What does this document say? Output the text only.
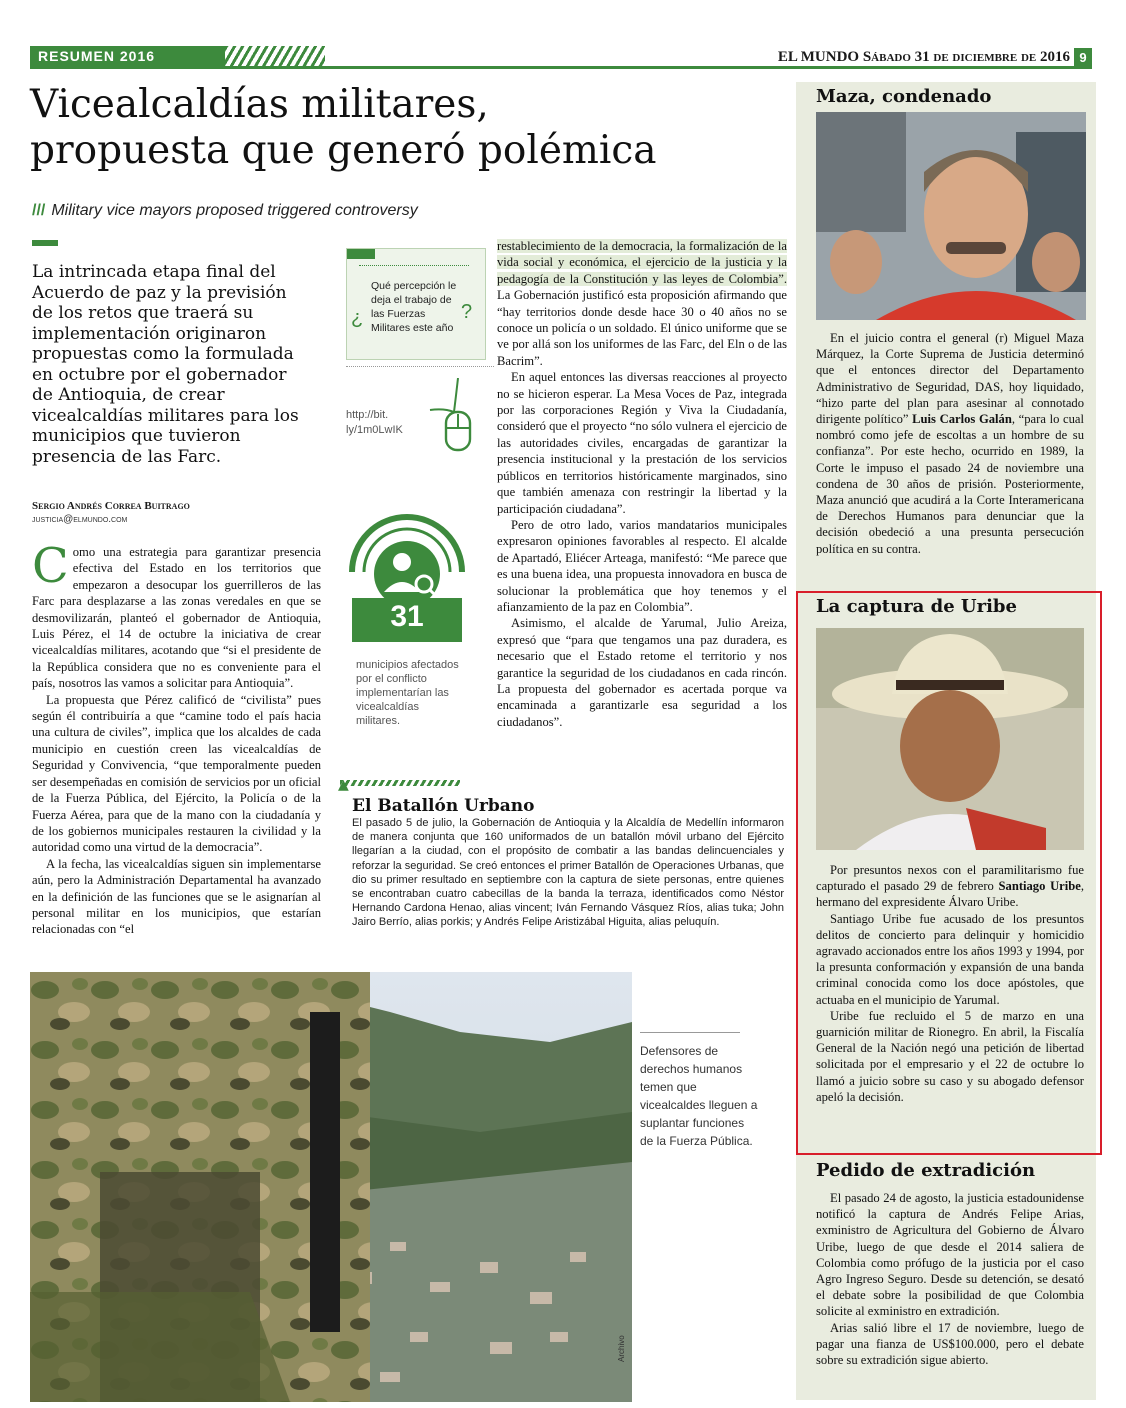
RESUMEN 2016	EL MUNDO Sábado 31 de diciembre de 2016 9
Vicealcaldías militares,
propuesta que generó polémica
/// Military vice mayors proposed triggered controversy
La intrincada etapa final del Acuerdo de paz y la previsión de los retos que traerá su implementación originaron propuestas como la formulada en octubre por el gobernador de Antioquia, de crear vicealcaldías militares para los municipios que tuvieron presencia de las Farc.
Sergio Andrés Correa Buitrago
justicia@elmundo.com

Como una estrategia para garantizar presencia efectiva del Estado en los territorios que empezaron a desocupar los guerrilleros de las Farc para desplazarse a las zonas veredales en que se desmovilizarán, planteó el gobernador de Antioquia, Luis Pérez, el 14 de octubre la iniciativa de crear vicealcaldías militares, acotando que “si el presidente de la República considera que no es conveniente para el país, nosotros las vamos a solicitar para Antioquia”.

La propuesta que Pérez calificó de “civilista” pues según él contribuiría a que “camine todo el país hacia una cultura de civiles”, implica que los alcaldes de cada municipio en cuestión creen las vicealcaldías de Seguridad y Convivencia, “que temporalmente pueden ser desempeñadas en comisión de servicios por un oficial de la Fuerza Pública, del Ejército, la Policía o de la Fuerza Aérea, para que de la mano con la ciudadanía y de los gobiernos municipales restauren la civilidad y la autoridad como una virtud de la democracia”.

A la fecha, las vicealcaldías siguen sin implementarse aún, pero la Administración Departamental ha avanzado en la definición de las funciones que se le asignarían al personal militar en los municipios, que estarían relacionadas con “el

¿
Qué percepción le deja el trabajo de las Fuerzas Militares este año
?
http://bit. ly/1m0LwIK
31
municipios afectados por el conflicto implementarían las vicealcaldías militares.

restablecimiento de la democracia, la formalización de la vida social y económica, el ejercicio de la justicia y la pedagogía de la Constitución y las leyes de Colombia”. La Gobernación justificó esta proposición afirmando que “hay territorios donde desde hace 30 o 40 años no se conoce un policía o un soldado. El único uniforme que se ve por allá son los uniformes de las Farc, del Eln o de las Bacrim”.

En aquel entonces las diversas reacciones al proyecto no se hicieron esperar. La Mesa Voces de Paz, integrada por las corporaciones Región y Viva la Ciudadanía, consideró que el proyecto “no sólo vulnera el ejercicio de las autoridades civiles, encargadas de garantizar la presencia institucional y la prestación de los servicios públicos en territorios históricamente marginados, sino que también amenaza con restringir la libertad y la participación ciudadana”.

Pero de otro lado, varios mandatarios municipales expresaron opiniones favorables al respecto. El alcalde de Apartadó, Eliécer Arteaga, manifestó: “Me parece que es una buena idea, una propuesta innovadora en busca de solucionar la problemática que hoy tenemos y el afianzamiento de la paz en Colombia”.

Asimismo, el alcalde de Yarumal, Julio Areiza, expresó que “para que tengamos una paz duradera, es necesario que el Estado retome el territorio y nos garantice la seguridad de los ciudadanos en cada rincón. La propuesta del gobernador es acertada porque va encaminada a garantizarle esa seguridad a los ciudadanos”.

▲
El Batallón Urbano
El pasado 5 de julio, la Gobernación de Antioquia y la Alcaldía de Medellín informaron de manera conjunta que 160 uniformados de un batallón móvil urbano del Ejército llegarían a la ciudad, con el propósito de combatir a las bandas delincuenciales y reforzar la seguridad. Se creó entonces el primer Batallón de Operaciones Urbanas, que dio su primer resultado en septiembre con la captura de siete personas, entre quienes se encontraban cuatro cabecillas de la banda la terraza, identificados como Néstor Hernando Cardona Henao, alias vincent; Iván Fernando Vásquez Ríos, alias tuka; John Jairo Berrío, alias porkis; y Andrés Felipe Aristizábal Higuita, alias peluquín.
Defensores de derechos humanos temen que vicealcaldes lleguen a suplantar funciones de la Fuerza Pública.
Archivo
Maza, condenado

En el juicio contra el general (r) Miguel Maza Márquez, la Corte Suprema de Justicia determinó que el entonces director del Departamento Administrativo de Seguridad, DAS, hoy liquidado, “hizo parte del plan para asesinar al connotado dirigente político” Luis Carlos Galán, “para lo cual nombró como jefe de escoltas a un hombre de su confianza”. Por este hecho, ocurrido en 1989, la Corte le impuso el pasado 24 de noviembre una condena de 30 años de prisión. Posteriormente, Maza anunció que acudirá a la Corte Interamericana de Derechos Humanos para denunciar que la decisión obedeció a una presunta persecución política en su contra.

La captura de Uribe

Por presuntos nexos con el paramilitarismo fue capturado el pasado 29 de febrero Santiago Uribe, hermano del expresidente Álvaro Uribe.

Santiago Uribe fue acusado de los presuntos delitos de concierto para delinquir y homicidio agravado accionados entre los años 1993 y 1994, por la presunta conformación y expansión de una banda criminal conocida como los doce apóstoles, que actuaba en el municipio de Yarumal.

Uribe fue recluido el 5 de marzo en una guarnición militar de Rionegro. En abril, la Fiscalía General de la Nación negó una petición de libertad solicitada por el empresario y el 22 de octubre lo llamó a juicio sobre su caso y su abogado defensor apeló la decisión.

Pedido de extradición

El pasado 24 de agosto, la justicia estadounidense notificó la captura de Andrés Felipe Arias, exministro de Agricultura del Gobierno de Álvaro Uribe, luego de que desde el 2014 saliera de Colombia como prófugo de la justicia por el caso Agro Ingreso Seguro. Desde su detención, se desató el debate sobre la posibilidad de que Colombia solicite al exministro en extradición.

Arias salió libre el 17 de noviembre, luego de pagar una fianza de US$100.000, pero el debate sobre su extradición sigue abierto.
